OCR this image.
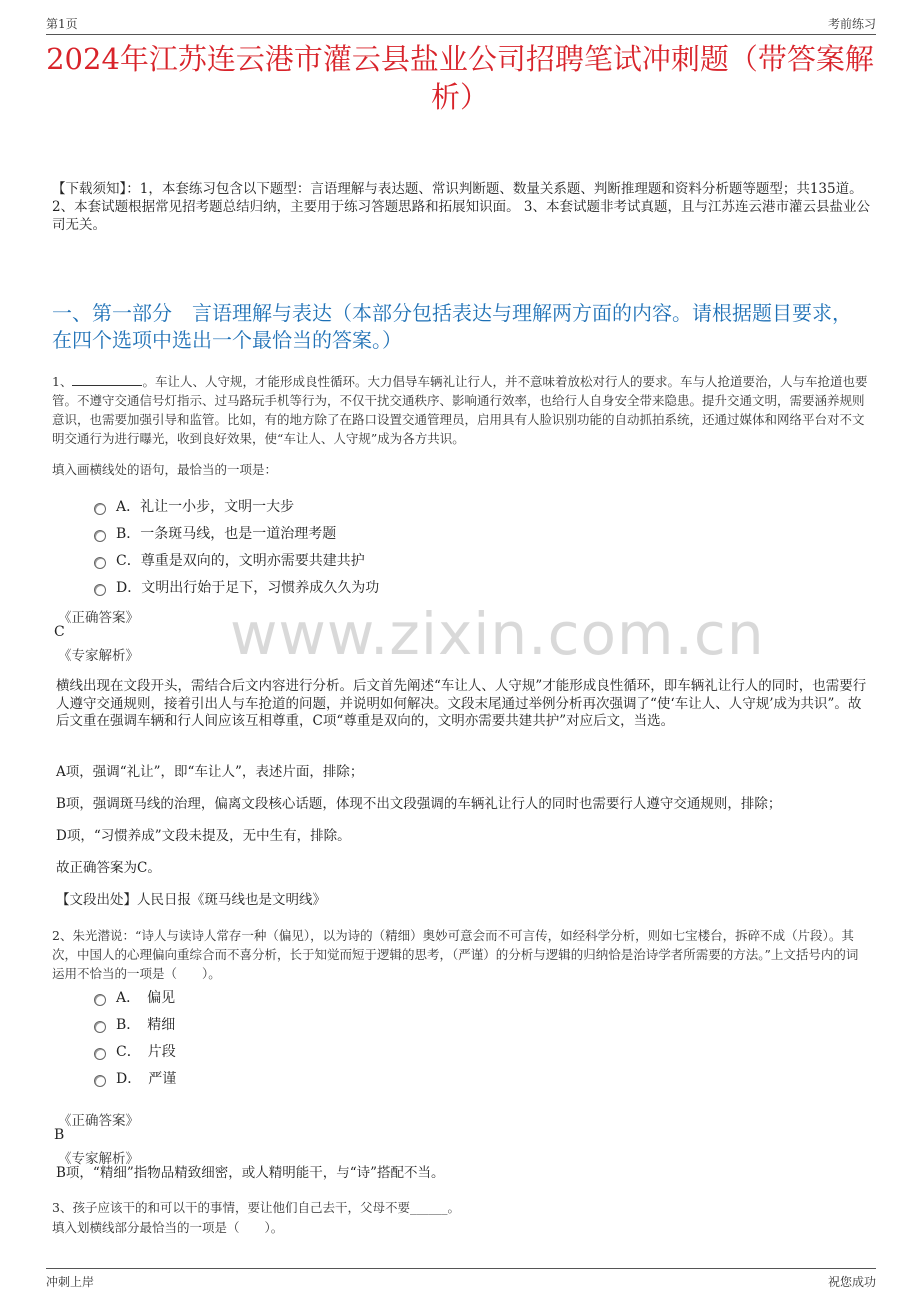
第1页	考前练习
2024年江苏连云港市灌云县盐业公司招聘笔试冲刺题（带答案解析）
【下载须知】：1，本套练习包含以下题型：言语理解与表达题、常识判断题、数量关系题、判断推理题和资料分析题等题型；共135道。 2、本套试题根据常见招考题总结归纳，主要用于练习答题思路和拓展知识面。 3、本套试题非考试真题，且与江苏连云港市灌云县盐业公司无关。
一、第一部分　言语理解与表达（本部分包括表达与理解两方面的内容。请根据题目要求，在四个选项中选出一个最恰当的答案。）
1、	。车让人、人守规，才能形成良性循环。大力倡导车辆礼让行人，并不意味着放松对行人的要求。车与人抢道要治，人与车抢道也要管。不遵守交通信号灯指示、过马路玩手机等行为，不仅干扰交通秩序、影响通行效率，也给行人自身安全带来隐患。提升交通文明，需要涵养规则意识，也需要加强引导和监管。比如，有的地方除了在路口设置交通管理员，启用具有人脸识别功能的自动抓拍系统，还通过媒体和网络平台对不文明交通行为进行曝光，收到良好效果，使“车让人、人守规”成为各方共识。
填入画横线处的语句，最恰当的一项是：
A．礼让一小步，文明一大步
B．一条斑马线，也是一道治理考题
C．尊重是双向的，文明亦需要共建共护
D．文明出行始于足下，习惯养成久久为功
《正确答案》
C
《专家解析》 www.zixin.com.cn
横线出现在文段开头，需结合后文内容进行分析。后文首先阐述“车让人、人守规”才能形成良性循环，即车辆礼让行人的同时，也需要行人遵守交通规则，接着引出人与车抢道的问题，并说明如何解决。文段末尾通过举例分析再次强调了“使‘车让人、人守规’成为共识”。故后文重在强调车辆和行人间应该互相尊重，C项“尊重是双向的，文明亦需要共建共护”对应后文，当选。
A项，强调“礼让”，即“车让人”，表述片面，排除；
B项，强调斑马线的治理，偏离文段核心话题，体现不出文段强调的车辆礼让行人的同时也需要行人遵守交通规则，排除；
D项，“习惯养成”文段未提及，无中生有，排除。
故正确答案为C。
【文段出处】人民日报《斑马线也是文明线》
2、朱光潜说：“诗人与读诗人常存一种（偏见），以为诗的（精细）奥妙可意会而不可言传，如经科学分析，则如七宝楼台，拆碎不成（片段）。其次，中国人的心理偏向重综合而不喜分析，长于知觉而短于逻辑的思考，（严谨）的分析与逻辑的归纳恰是治诗学者所需要的方法。”上文括号内的词运用不恰当的一项是（　　）。
A．　偏见
B．　精细
C．　片段
D．　严谨
《正确答案》
B
《专家解析》
B项，“精细”指物品精致细密，或人精明能干，与“诗”搭配不当。
3、孩子应该干的和可以干的事情，要让他们自己去干，父母不要______。
填入划横线部分最恰当的一项是（　　）。
冲刺上岸	祝您成功
